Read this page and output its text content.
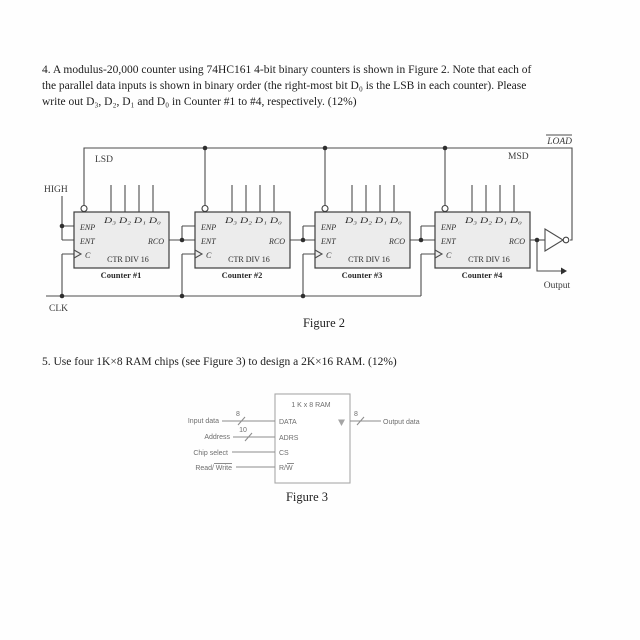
4. A modulus-20,000 counter using 74HC161 4-bit binary counters is shown in Figure 2. Note that each of
the parallel data inputs is shown in binary order (the right-most bit D₀ is the LSB in each counter). Please
write out D₃, D₂, D₁ and D₀ in Counter #1 to #4, respectively. (12%)
5. Use four 1K×8 RAM chips (see Figure 3) to design a 2K×16 RAM. (12%)
LOAD
LSD	MSD
HIGH
CLK
D₃ D₂ D₁ D₀
ENP
ENT	RCO
C CTR DIV 16
Counter #1
D₃ D₂ D₁ D₀
ENP
ENT	RCO
C CTR DIV 16
Counter #2
D₃ D₂ D₁ D₀
ENP
ENT	RCO
C CTR DIV 16
Counter #3
D₃ D₂ D₁ D₀
ENP
ENT	RCO
C CTR DIV 16
Counter #4
Output
Figure 2
1 K x 8 RAM
DATA
ADRS
CS
R/W
8
10
Input data
Address
Chip select
Read/ Write
8
Output data
Figure 3
